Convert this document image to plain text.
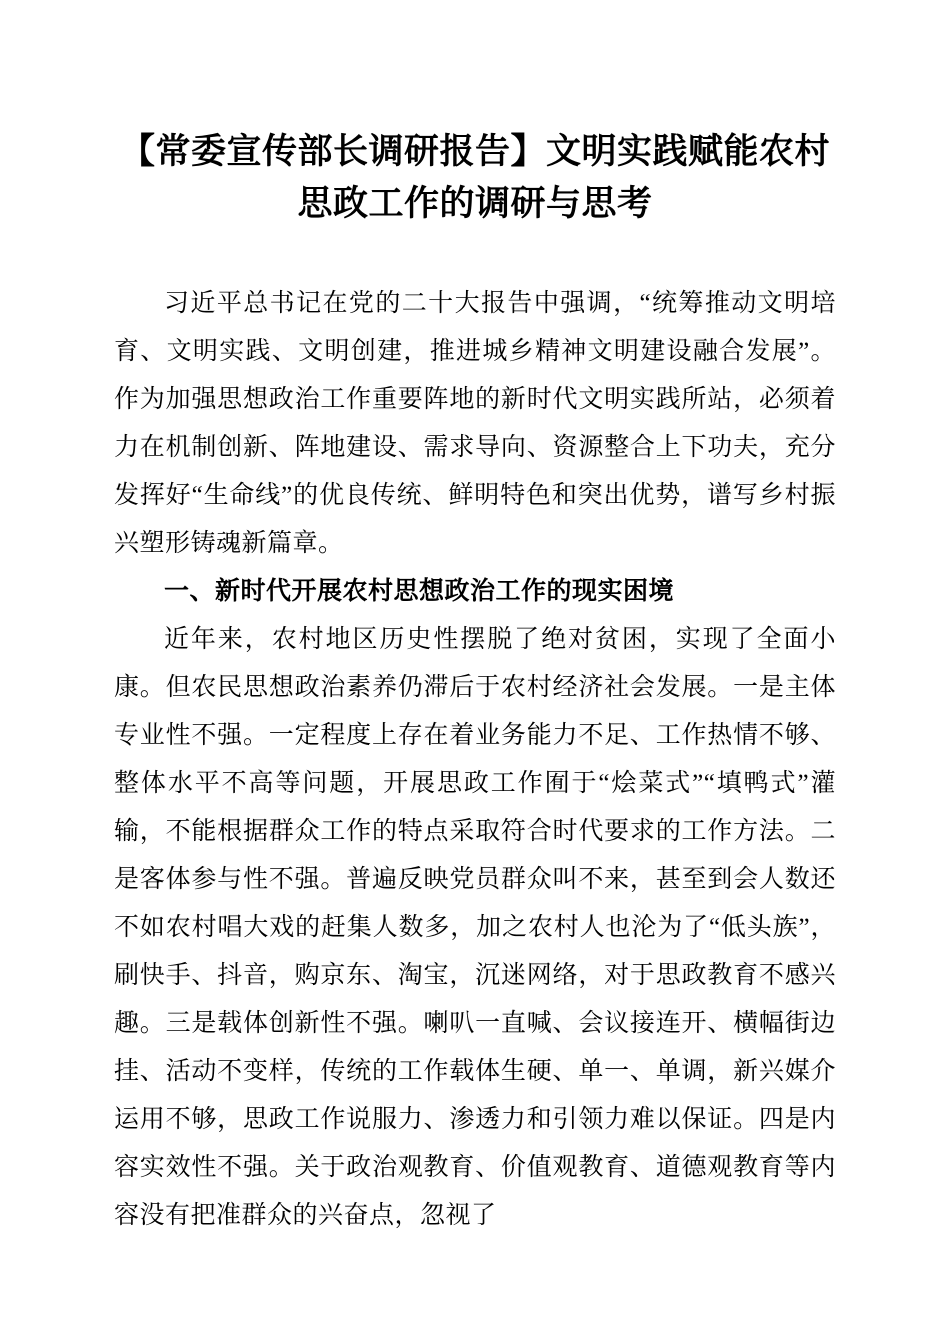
【常委宣传部长调研报告】文明实践赋能农村思政工作的调研与思考

习近平总书记在党的二十大报告中强调，“统筹推动文明培育、文明实践、文明创建，推进城乡精神文明建设融合发展”。作为加强思想政治工作重要阵地的新时代文明实践所站，必须着力在机制创新、阵地建设、需求导向、资源整合上下功夫，充分发挥好“生命线”的优良传统、鲜明特色和突出优势，谱写乡村振兴塑形铸魂新篇章。

一、新时代开展农村思想政治工作的现实困境

近年来，农村地区历史性摆脱了绝对贫困，实现了全面小康。但农民思想政治素养仍滞后于农村经济社会发展。一是主体专业性不强。一定程度上存在着业务能力不足、工作热情不够、整体水平不高等问题，开展思政工作囿于“烩菜式”“填鸭式”灌输，不能根据群众工作的特点采取符合时代要求的工作方法。二是客体参与性不强。普遍反映党员群众叫不来，甚至到会人数还不如农村唱大戏的赶集人数多，加之农村人也沦为了“低头族”，刷快手、抖音，购京东、淘宝，沉迷网络，对于思政教育不感兴趣。三是载体创新性不强。喇叭一直喊、会议接连开、横幅街边挂、活动不变样，传统的工作载体生硬、单一、单调，新兴媒介运用不够，思政工作说服力、渗透力和引领力难以保证。四是内容实效性不强。关于政治观教育、价值观教育、道德观教育等内容没有把准群众的兴奋点，忽视了
